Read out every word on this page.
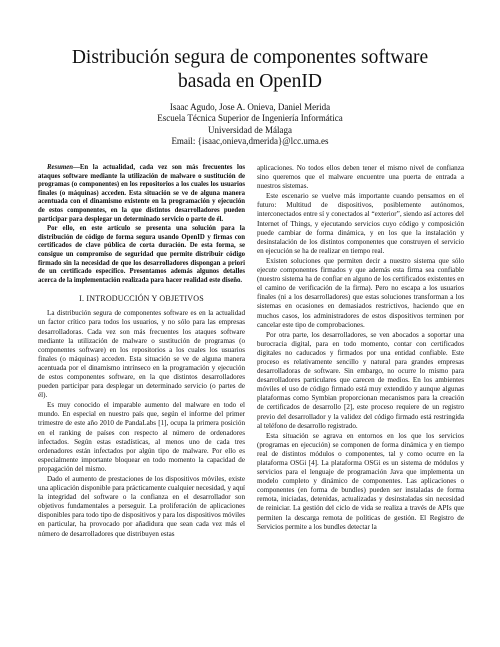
Distribución segura de componentes software
basada en OpenID
Isaac Agudo, Jose A. Onieva, Daniel Merida
Escuela Técnica Superior de Ingeniería Informática
Universidad de Málaga
Email: {isaac,onieva,dmerida}@lcc.uma.es

Resumen—En la actualidad, cada vez son más frecuentes los ataques software mediante la utilización de malware o sustitución de programas (o componentes) en los repositorios a los cuales los usuarios finales (o máquinas) acceden. Esta situación se ve de alguna manera acentuada con el dinamismo existente en la programación y ejecución de estos componentes, en la que distintos desarrolladores pueden participar para desplegar un determinado servicio o parte de él.

Por ello, en este artículo se presenta una solución para la distribución de código de forma segura usando OpenID y firmas con certificados de clave pública de corta duración. De esta forma, se consigue un compromiso de seguridad que permite distribuir código firmado sin la necesidad de que los desarrolladores dispongan a priori de un certificado específico. Presentamos además algunos detalles acerca de la implementación realizada para hacer realidad este diseño.

I. INTRODUCCIÓN Y OBJETIVOS

La distribución segura de componentes software es en la actualidad un factor crítico para todos los usuarios, y no sólo para las empresas desarrolladoras. Cada vez son más frecuentes los ataques software mediante la utilización de malware o sustitución de programas (o componentes software) en los repositorios a los cuales los usuarios finales (o máquinas) acceden. Esta situación se ve de alguna manera acentuada por el dinamismo intrínseco en la programación y ejecución de estos componentes software, en la que distintos desarrolladores pueden participar para desplegar un determinado servicio (o partes de él).

Es muy conocido el imparable aumento del malware en todo el mundo. En especial en nuestro país que, según el informe del primer trimestre de este año 2010 de PandaLabs [1], ocupa la primera posición en el ranking de países con respecto al número de ordenadores infectados. Según estas estadísticas, al menos uno de cada tres ordenadores están infectados por algún tipo de malware. Por ello es especialmente importante bloquear en todo momento la capacidad de propagación del mismo.

Dado el aumento de prestaciones de los dispositivos móviles, existe una aplicación disponible para prácticamente cualquier necesidad, y aquí la integridad del software o la confianza en el desarrollador son objetivos fundamentales a perseguir. La proliferación de aplicaciones disponibles para todo tipo de dispositivos y para los dispositivos móviles en particular, ha provocado por añadidura que sean cada vez más el número de desarrolladores que distribuyen estas

aplicaciones. No todos ellos deben tener el mismo nivel de confianza sino queremos que el malware encuentre una puerta de entrada a nuestros sistemas.

Este escenario se vuelve más importante cuando pensamos en el futuro: Multitud de dispositivos, posiblemente autónomos, interconectados entre sí y conectados al “exterior”, siendo así actores del Internet of Things, y ejecutando servicios cuyo código y composición puede cambiar de forma dinámica, y en los que la instalación y desinstalación de los distintos componentes que construyen el servicio en ejecución se ha de realizar en tiempo real.

Existen soluciones que permiten decir a nuestro sistema que sólo ejecute componentes firmados y que además esta firma sea confiable (nuestro sistema ha de confiar en alguno de los certificados existentes en el camino de verificación de la firma). Pero no escapa a los usuarios finales (ni a los desarrolladores) que estas soluciones transforman a los sistemas en ocasiones en demasiados restrictivos, haciendo que en muchos casos, los administradores de estos dispositivos terminen por cancelar este tipo de comprobaciones.

Por otra parte, los desarrolladores, se ven abocados a soportar una burocracia digital, para en todo momento, contar con certificados digitales no caducados y firmados por una entidad confiable. Este proceso es relativamente sencillo y natural para grandes empresas desarrolladoras de software. Sin embargo, no ocurre lo mismo para desarrolladores particulares que carecen de medios. En los ambientes móviles el uso de código firmado está muy extendido y aunque algunas plataformas como Symbian proporcionan mecanismos para la creación de certificados de desarrollo [2], este proceso requiere de un registro previo del desarrollador y la validez del código firmado está restringida al teléfono de desarrollo registrado.

Esta situación se agrava en entornos en los que los servicios (programas en ejecución) se componen de forma dinámica y en tiempo real de distintos módulos o componentes, tal y como ocurre en la plataforma OSGi [4]. La plataforma OSGi es un sistema de módulos y servicios para el lenguaje de programación Java que implementa un modelo completo y dinámico de componentes. Las aplicaciones o componentes (en forma de bundles) pueden ser instaladas de forma remota, iniciadas, detenidas, actualizadas y desinstaladas sin necesidad de reiniciar. La gestión del ciclo de vida se realiza a través de APIs que permiten la descarga remota de políticas de gestión. El Registro de Servicios permite a los bundles detectar la
